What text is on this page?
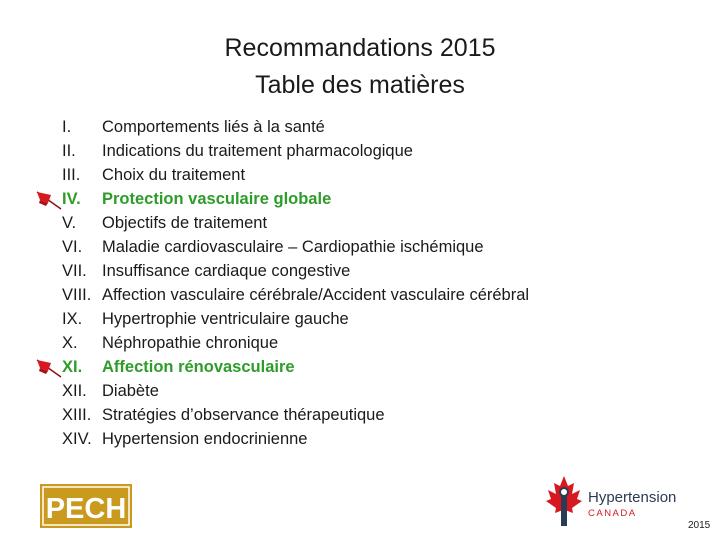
Recommandations 2015
Table des matières
I. Comportements liés à la santé
II. Indications du traitement pharmacologique
III. Choix du traitement
IV. Protection vasculaire globale
V. Objectifs de traitement
VI. Maladie cardiovasculaire – Cardiopathie ischémique
VII. Insuffisance cardiaque congestive
VIII. Affection vasculaire cérébrale/Accident vasculaire cérébral
IX. Hypertrophie ventriculaire gauche
X. Néphropathie chronique
XI. Affection rénovasculaire
XII. Diabète
XIII. Stratégies d’observance thérapeutique
XIV. Hypertension endocrinienne
PECH	Hypertension
CANADA
2015
